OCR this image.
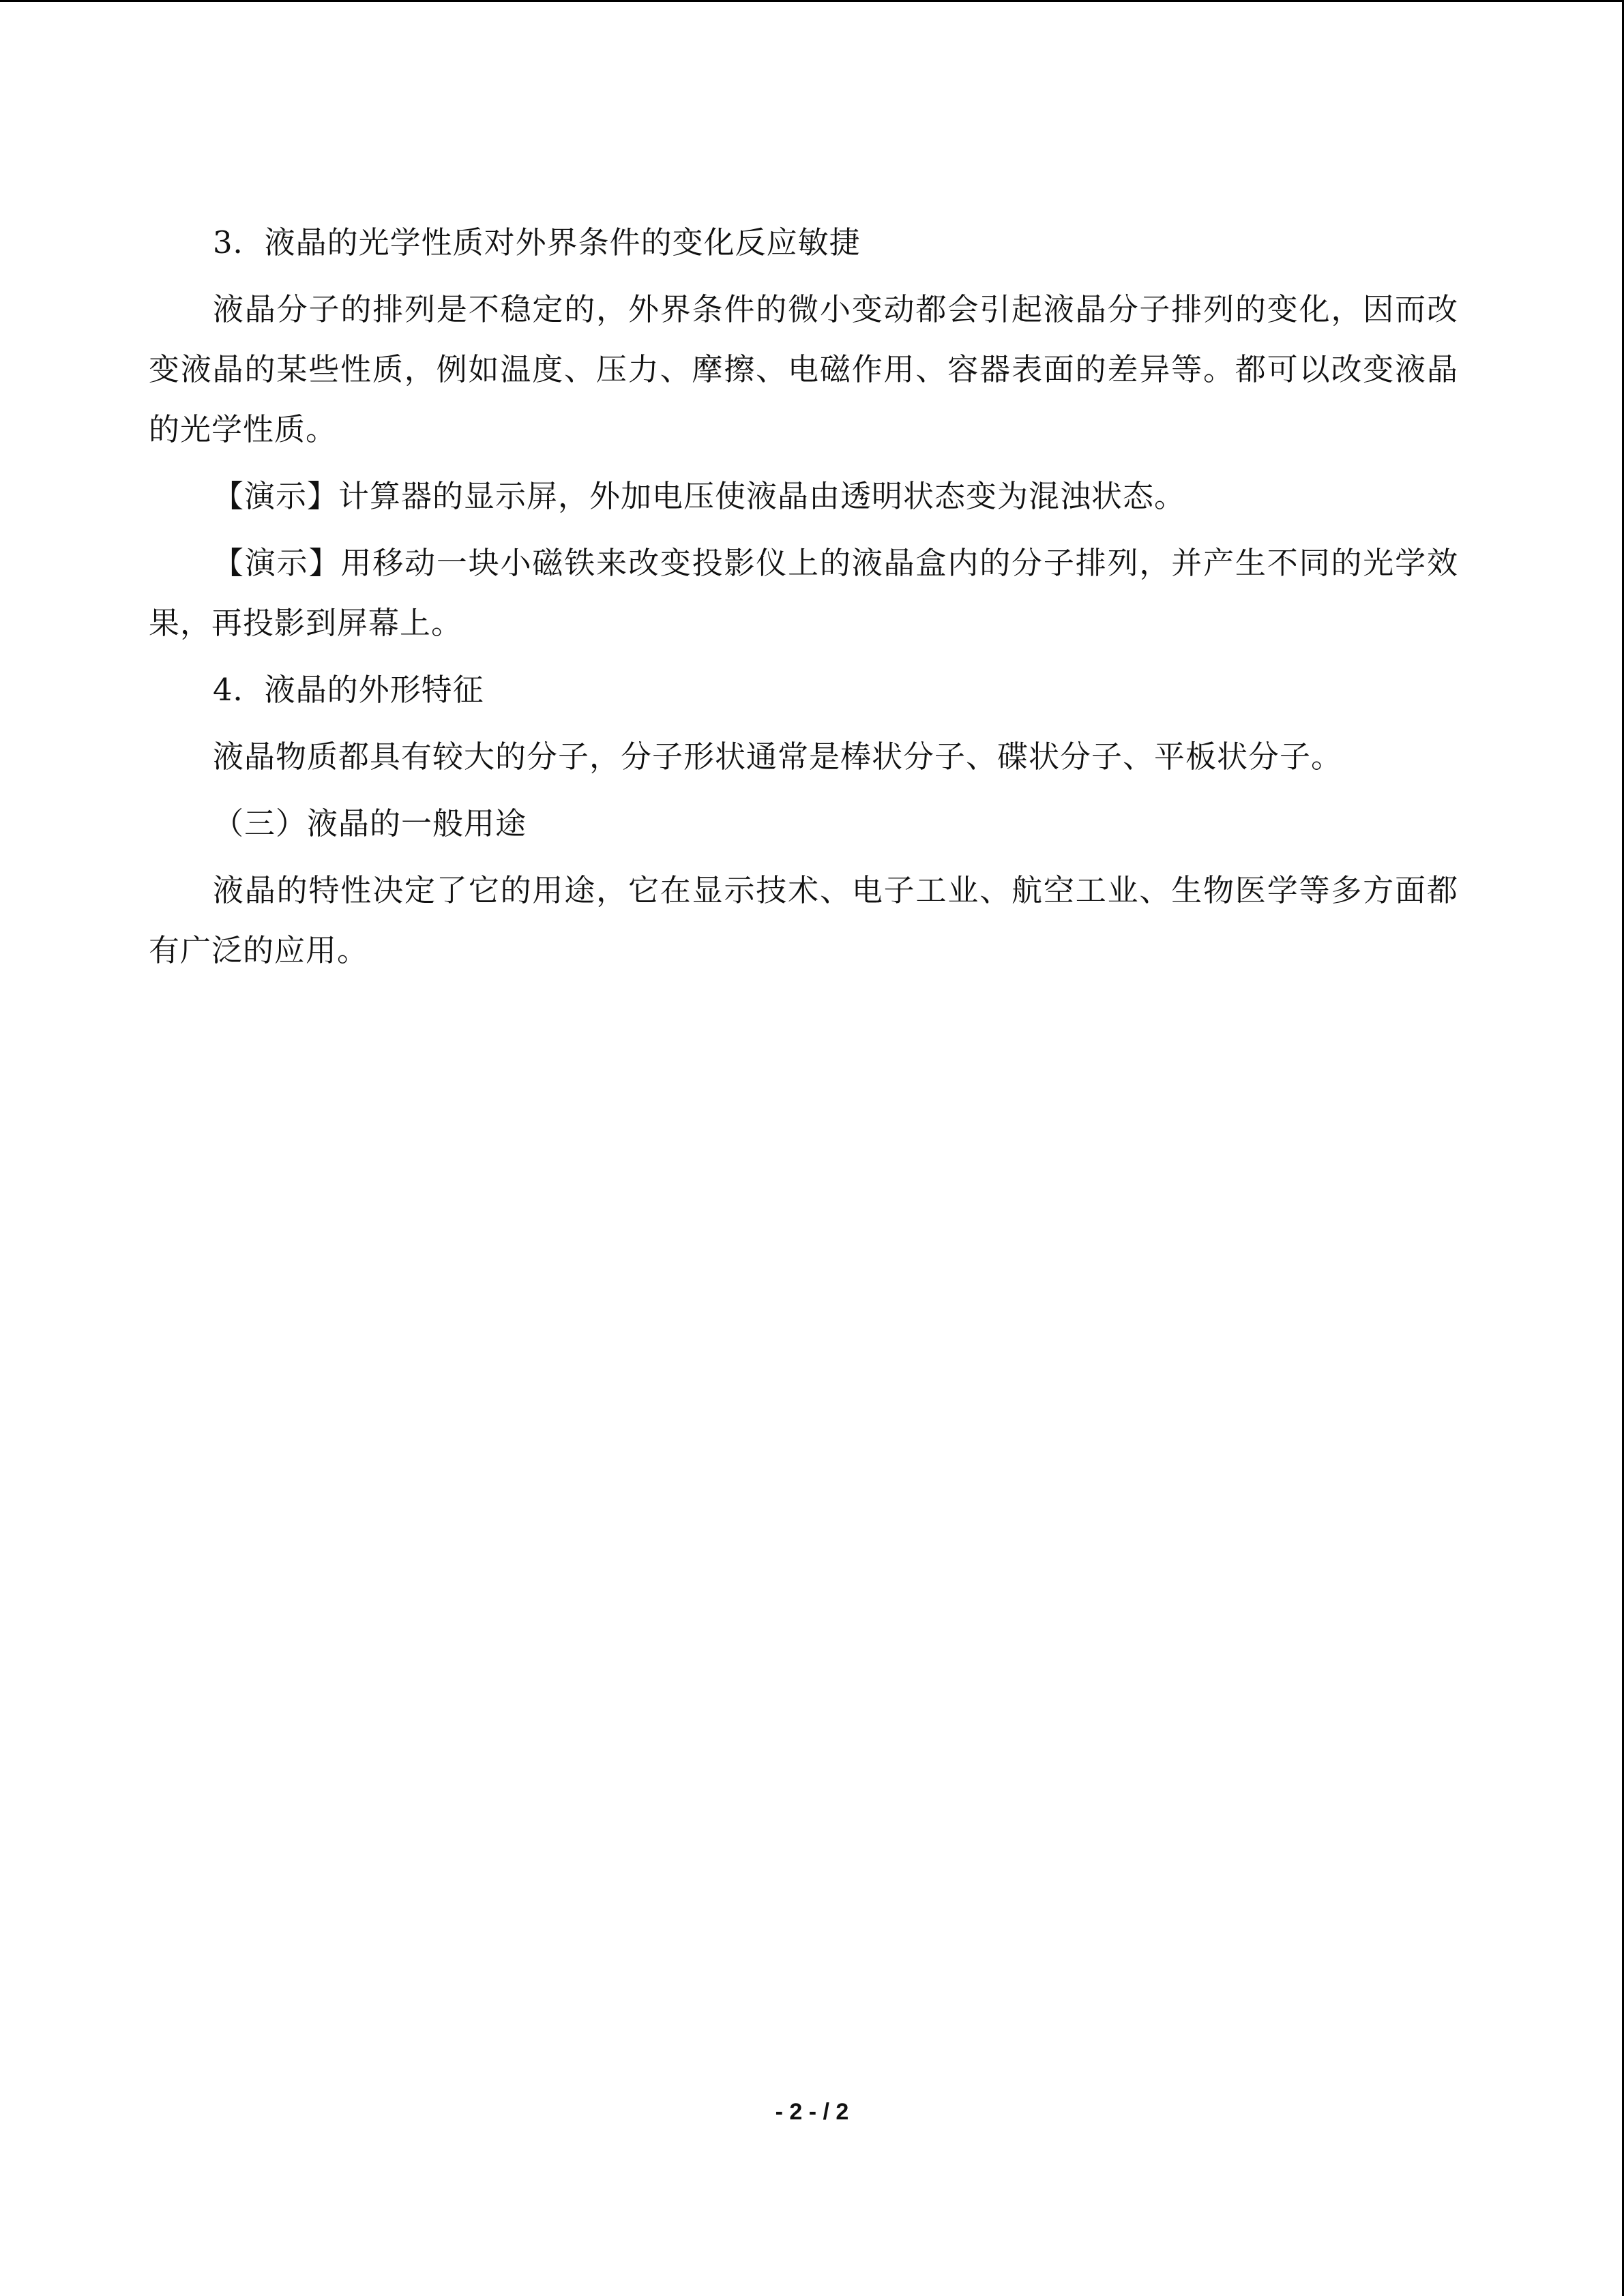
3．液晶的光学性质对外界条件的变化反应敏捷

液晶分子的排列是不稳定的，外界条件的微小变动都会引起液晶分子排列的变化，因而改变液晶的某些性质，例如温度、压力、摩擦、电磁作用、容器表面的差异等。都可以改变液晶的光学性质。

【演示】计算器的显示屏，外加电压使液晶由透明状态变为混浊状态。

【演示】用移动一块小磁铁来改变投影仪上的液晶盒内的分子排列，并产生不同的光学效果，再投影到屏幕上。

4．液晶的外形特征

液晶物质都具有较大的分子，分子形状通常是棒状分子、碟状分子、平板状分子。

（三）液晶的一般用途

液晶的特性决定了它的用途，它在显示技术、电子工业、航空工业、生物医学等多方面都有广泛的应用。

- 2 - / 2
